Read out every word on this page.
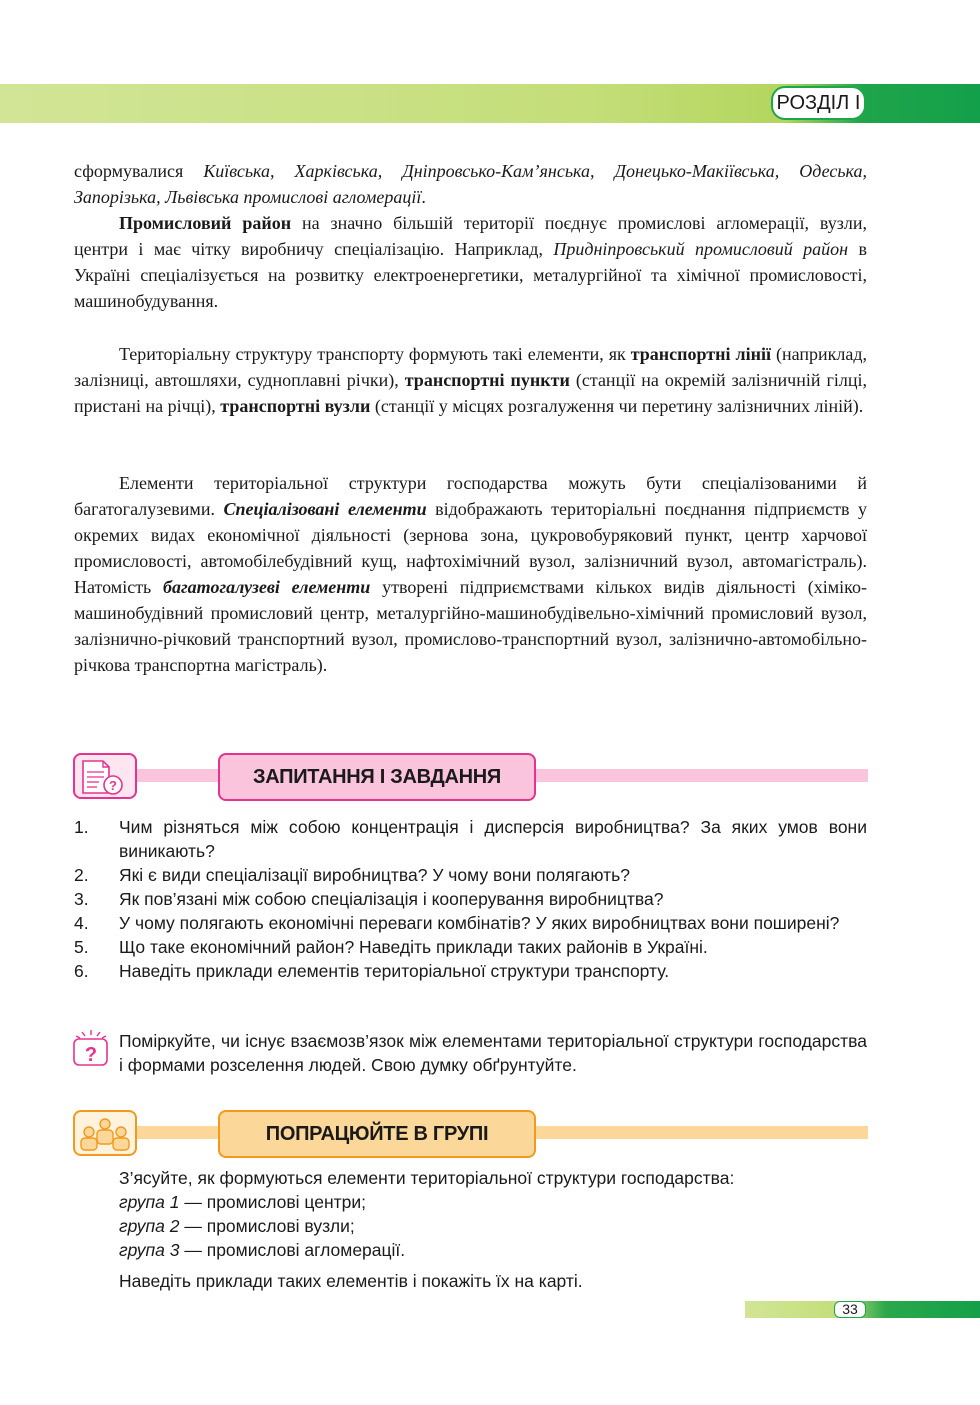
РОЗДІЛ І

сформувалися Київська, Харківська, Дніпровсько-Кам’янська, Донецько-Макіївська, Одеська, Запорізька, Львівська промислові агломерації.

Промисловий район на значно більшій території поєднує промислові агломерації, вузли, центри і має чітку виробничу спеціалізацію. Наприклад, Придніпровський промисловий район в Україні спеціалізується на розвитку електроенергетики, металургійної та хімічної промисловості, машинобудування.

Територіальну структуру транспорту формують такі елементи, як транспортні лінії (наприклад, залізниці, автошляхи, судноплавні річки), транспортні пункти (станції на окремій залізничній гілці, пристані на річці), транспортні вузли (станції у місцях розгалуження чи перетину залізничних ліній).

Елементи територіальної структури господарства можуть бути спеціалізованими й багатогалузевими. Спеціалізовані елементи відображають територіальні поєднання підприємств у окремих видах економічної діяльності (зернова зона, цукровобуряковий пункт, центр харчової промисловості, автомобілебудівний кущ, нафтохімічний вузол, залізничний вузол, автомагістраль). Натомість багатогалузеві елементи утворені підприємствами кількох видів діяльності (хіміко-машинобудівний промисловий центр, металургійно-машинобудівельно-хімічний промисловий вузол, залізнично-річковий транспортний вузол, промислово-транспортний вузол, залізнично-автомобільно-річкова транспортна магістраль).

?	ЗАПИТАННЯ І ЗАВДАННЯ
1. Чим різняться між собою концентрація і дисперсія виробництва? За яких умов вони виникають?
2. Які є види спеціалізації виробництва? У чому вони полягають?
3. Як пов’язані між собою спеціалізація і кооперування виробництва?
4. У чому полягають економічні переваги комбінатів? У яких виробництвах вони поширені?
5. Що таке економічний район? Наведіть приклади таких районів в Україні.
6. Наведіть приклади елементів територіальної структури транспорту.
?

Поміркуйте, чи існує взаємозв’язок між елементами територіальної структури господарства і формами розселення людей. Свою думку обґрунтуйте.

ПОПРАЦЮЙТЕ В ГРУПІ

З’ясуйте, як формуються елементи територіальної структури господарства:

група 1 — промислові центри;

група 2 — промислові вузли;

група 3 — промислові агломерації.

Наведіть приклади таких елементів і покажіть їх на карті.

33
